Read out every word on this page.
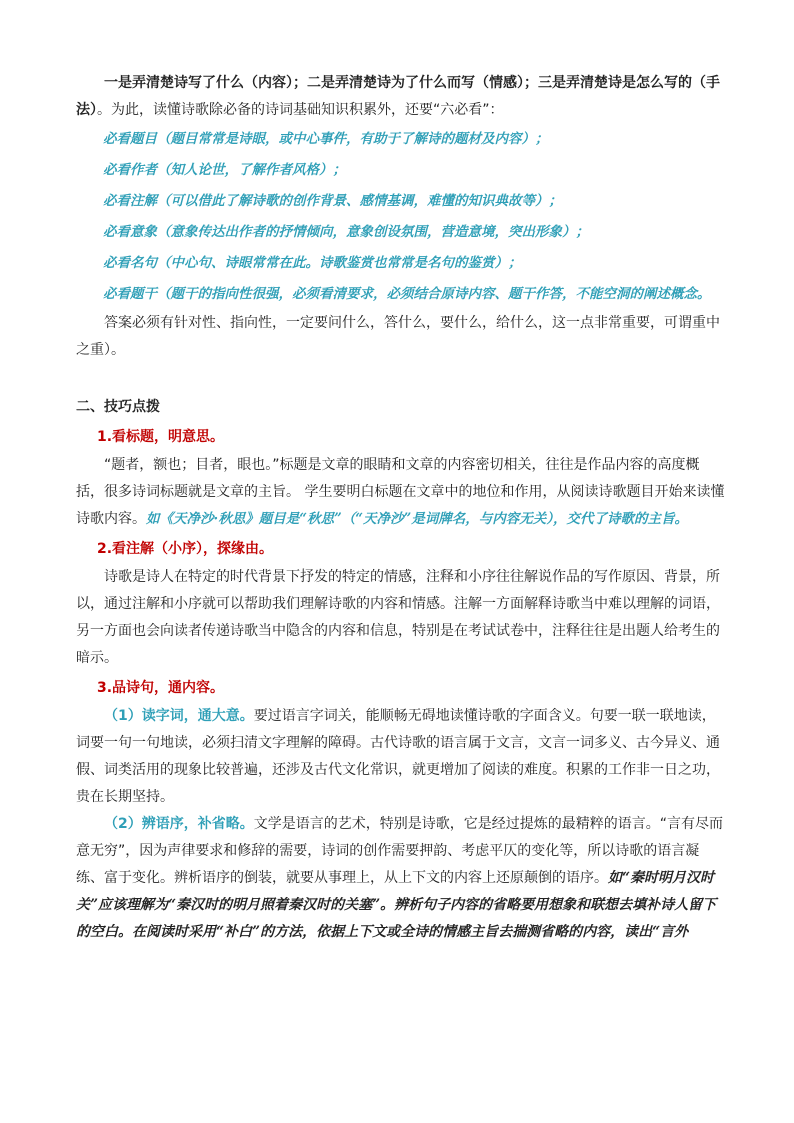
一是弄清楚诗写了什么（内容）；二是弄清楚诗为了什么而写（情感）；三是弄清楚诗是怎么写的（手法）。为此，读懂诗歌除必备的诗词基础知识积累外，还要“六必看”：

必看题目（题目常常是诗眼，或中心事件，有助于了解诗的题材及内容）；

必看作者（知人论世，了解作者风格）；

必看注解（可以借此了解诗歌的创作背景、感情基调，难懂的知识典故等）；

必看意象（意象传达出作者的抒情倾向，意象创设氛围，营造意境，突出形象）；

必看名句（中心句、诗眼常常在此。诗歌鉴赏也常常是名句的鉴赏）；

必看题干（题干的指向性很强，必须看清要求，必须结合原诗内容、题干作答，不能空洞的阐述概念。

答案必须有针对性、指向性，一定要问什么，答什么，要什么，给什么，这一点非常重要，可谓重中之重）。

二、技巧点拨

1.看标题，明意思。

“题者，额也；目者，眼也。”标题是文章的眼睛和文章的内容密切相关，往往是作品内容的高度概括，很多诗词标题就是文章的主旨。 学生要明白标题在文章中的地位和作用，从阅读诗歌题目开始来读懂诗歌内容。如《天净沙·秋思》题目是“秋思”（“天净沙”是词牌名，与内容无关），交代了诗歌的主旨。

2.看注解（小序），探缘由。

诗歌是诗人在特定的时代背景下抒发的特定的情感，注释和小序往往解说作品的写作原因、背景，所以，通过注解和小序就可以帮助我们理解诗歌的内容和情感。注解一方面解释诗歌当中难以理解的词语，另一方面也会向读者传递诗歌当中隐含的内容和信息，特别是在考试试卷中，注释往往是出题人给考生的暗示。

3.品诗句，通内容。

（1）读字词，通大意。要过语言字词关，能顺畅无碍地读懂诗歌的字面含义。句要一联一联地读，词要一句一句地读，必须扫清文字理解的障碍。古代诗歌的语言属于文言，文言一词多义、古今异义、通假、词类活用的现象比较普遍，还涉及古代文化常识，就更增加了阅读的难度。积累的工作非一日之功，贵在长期坚持。

（2）辨语序，补省略。文学是语言的艺术，特别是诗歌，它是经过提炼的最精粹的语言。“言有尽而意无穷”，因为声律要求和修辞的需要，诗词的创作需要押韵、考虑平仄的变化等，所以诗歌的语言凝练、富于变化。辨析语序的倒装，就要从事理上，从上下文的内容上还原颠倒的语序。如“秦时明月汉时关”应该理解为“秦汉时的明月照着秦汉时的关塞”。辨析句子内容的省略要用想象和联想去填补诗人留下的空白。在阅读时采用“补白”的方法，依据上下文或全诗的情感主旨去揣测省略的内容，读出“言外
